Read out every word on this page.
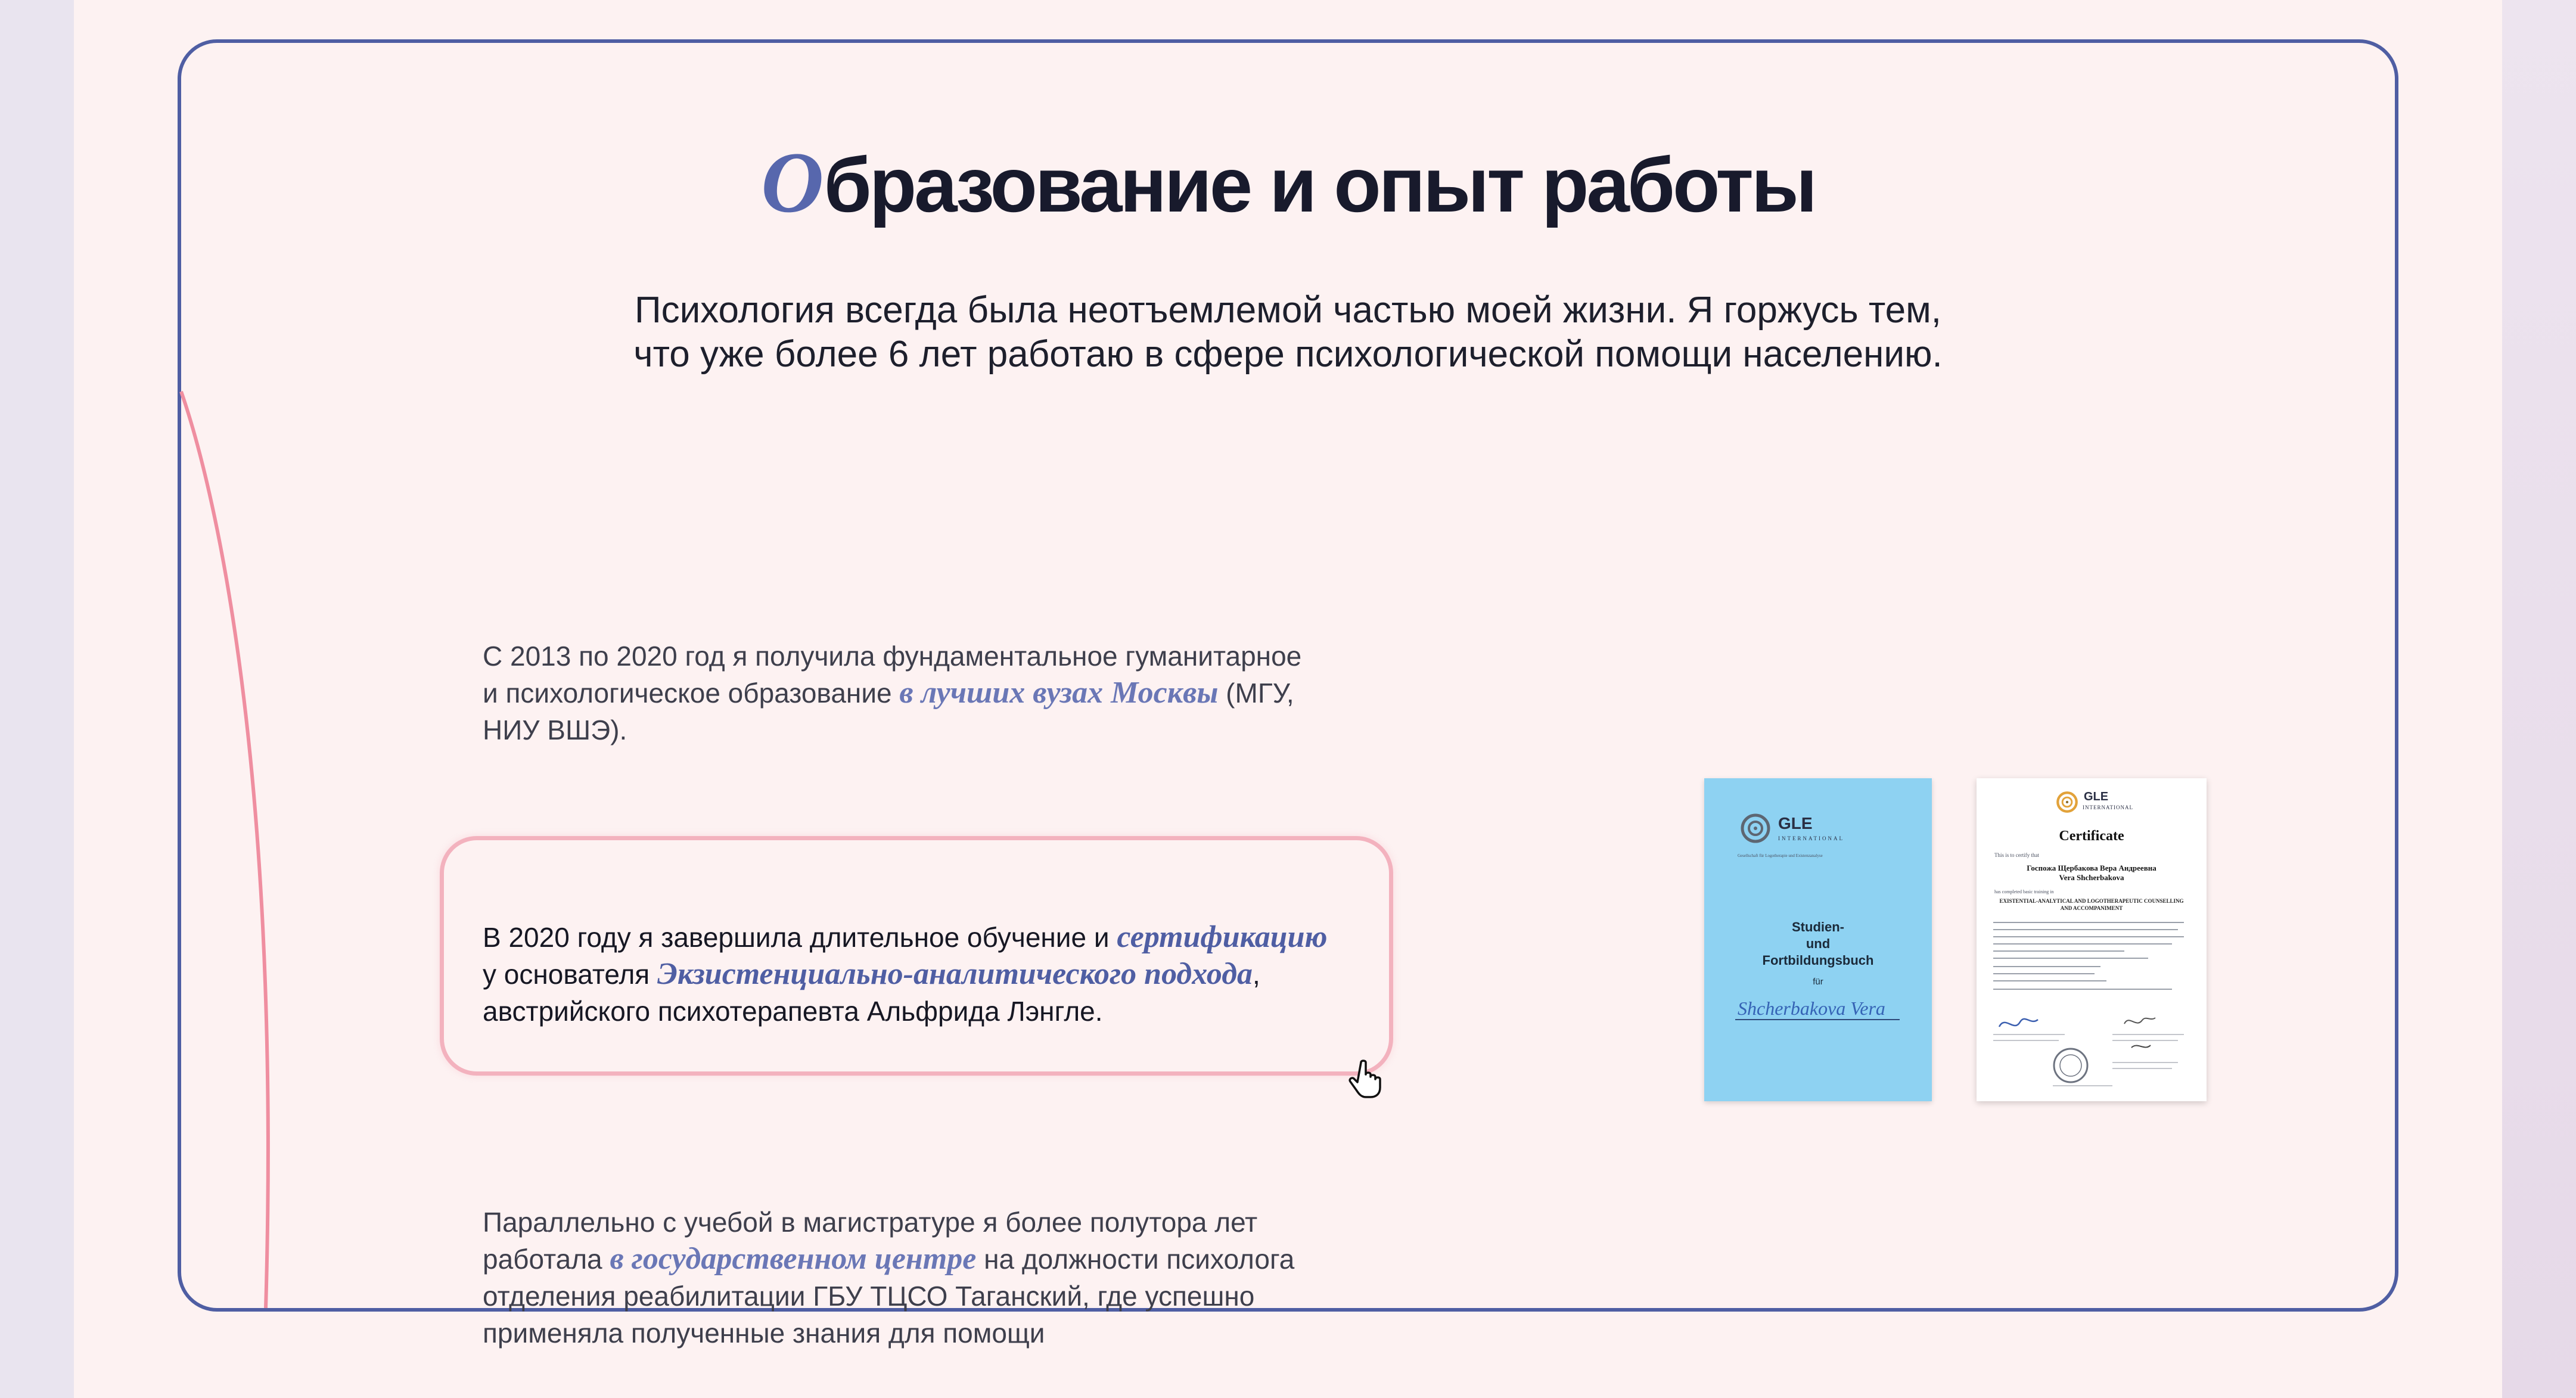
Образование и опыт работы

Психология всегда была неотъемлемой частью моей жизни. Я горжусь тем,
что уже более 6 лет работаю в сфере психологической помощи населению.

С 2013 по 2020 год я получила фундаментальное гуманитарное и психологическое образование в лучших вузах Москвы (МГУ, НИУ ВШЭ).

В 2020 году я завершила длительное обучение и сертификацию у основателя Экзистенциально-аналитического подхода, австрийского психотерапевта Альфрида Лэнгле.

Параллельно с учебой в магистратуре я более полутора лет работала в государственном центре на должности психолога отделения реабилитации ГБУ ТЦСО Таганский, где успешно применяла полученные знания для помощи

GLE
INTERNATIONAL
Gesellschaft für Logotherapie und Existenzanalyse
Studien-
und
Fortbildungsbuch
für
Shcherbakova Vera
GLE
INTERNATIONAL
Certificate
This is to certify that
Госпожа Щербакова Вера Андреевна
Vera Shcherbakova
has completed basic training in
EXISTENTIAL-ANALYTICAL AND LOGOTHERAPEUTIC COUNSELLING AND ACCOMPANIMENT
